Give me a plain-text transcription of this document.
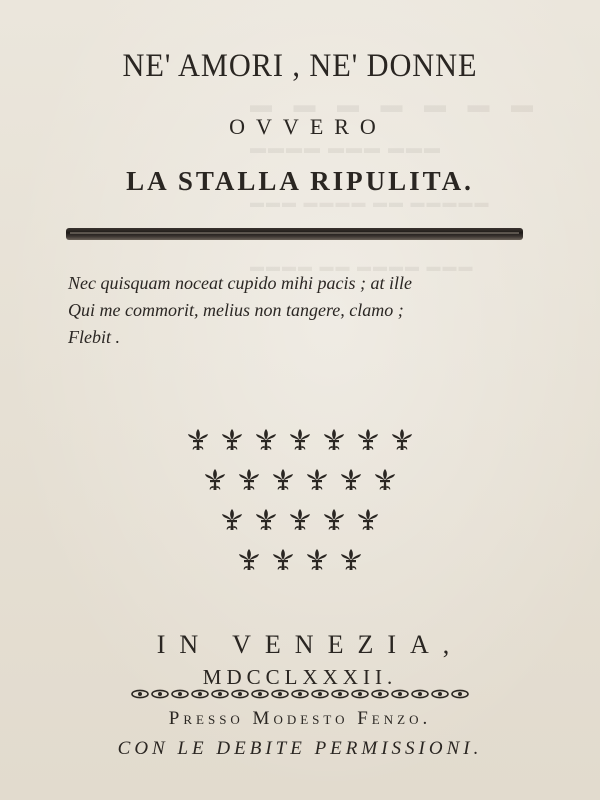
▬ ▬ ▬ ▬ ▬ ▬ ▬
▬▬▬▬ ▬▬▬ ▬▬▬
▬▬▬ ▬▬▬▬ ▬▬ ▬▬▬▬▬
▬▬▬▬ ▬▬ ▬▬▬▬ ▬▬▬
NE' AMORI , NE' DONNE
OVVERO
LA STALLA RIPULITA.
Nec quisquam noceat cupido mihi pacis ; at ille
Qui me commorit, melius non tangere, clamo ;
Flebit .
IN VENEZIA,
MDCCLXXXII.
Presso Modesto Fenzo.
CON LE DEBITE PERMISSIONI.
